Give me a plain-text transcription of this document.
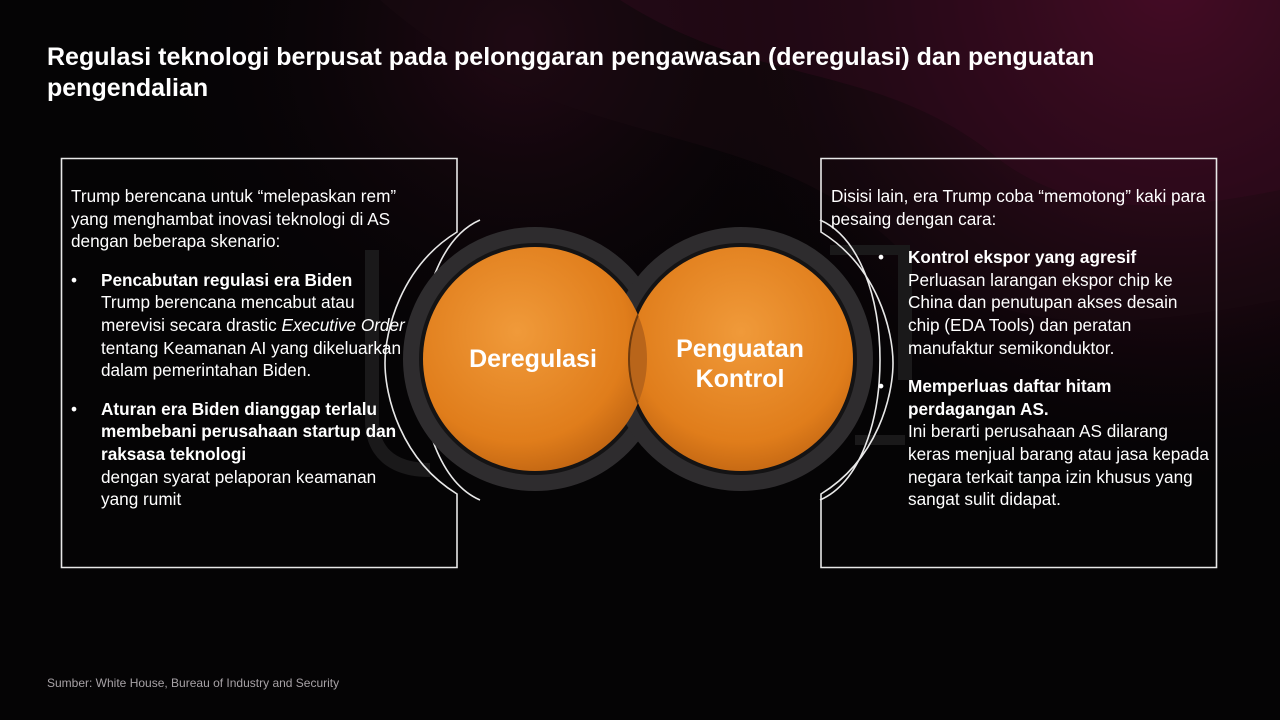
Regulasi teknologi berpusat pada pelonggaran pengawasan (deregulasi) dan penguatan pengendalian

Trump berencana untuk “melepaskan rem” yang menghambat inovasi teknologi di AS dengan beberapa skenario:

• Pencabutan regulasi era Biden
Trump berencana mencabut atau merevisi secara drastic Executive Order tentang Keamanan AI yang dikeluarkan dalam pemerintahan Biden.
• Aturan era Biden dianggap terlalu membebani perusahaan startup dan raksasa teknologi
dengan syarat pelaporan keamanan yang rumit
Deregulasi	Penguatan Kontrol

Disisi lain, era Trump coba “memotong” kaki para pesaing dengan cara:

• Kontrol ekspor yang agresif
Perluasan larangan ekspor chip ke China dan penutupan akses desain chip (EDA Tools) dan peratan manufaktur semikonduktor.
• Memperluas daftar hitam perdagangan AS.
Ini berarti perusahaan AS dilarang keras menjual barang atau jasa kepada negara terkait tanpa izin khusus yang sangat sulit didapat.
Sumber: White House, Bureau of Industry and Security
